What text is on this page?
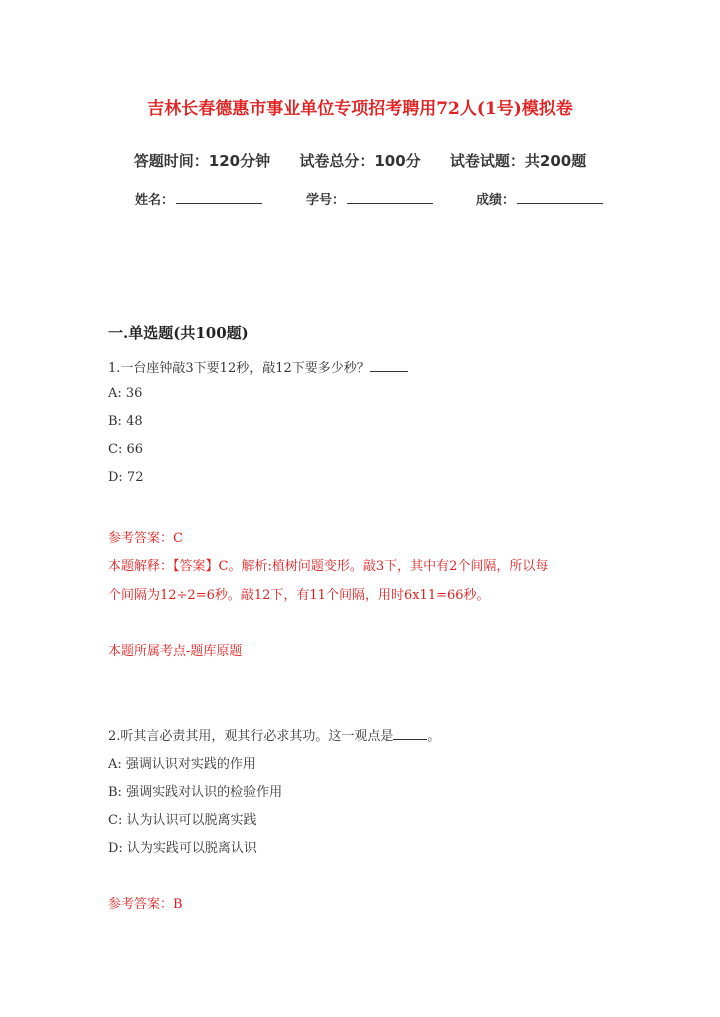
吉林长春德惠市事业单位专项招考聘用72人(1号)模拟卷
答题时间：120分钟 试卷总分：100分 试卷试题：共200题
姓名：	学号：	成绩：
一.单选题(共100题)
1.一台座钟敲3下要12秒，敲12下要多少秒？
A: 36
B: 48
C: 66
D: 72
参考答案：C
本题解释：【答案】C。解析:植树问题变形。敲3下，其中有2个间隔，所以每
个间隔为12÷2=6秒。敲12下，有11个间隔，用时6x11=66秒。
本题所属考点-题库原题
2.听其言必责其用，观其行必求其功。这一观点是	。
A: 强调认识对实践的作用
B: 强调实践对认识的检验作用
C: 认为认识可以脱离实践
D: 认为实践可以脱离认识
参考答案：B
